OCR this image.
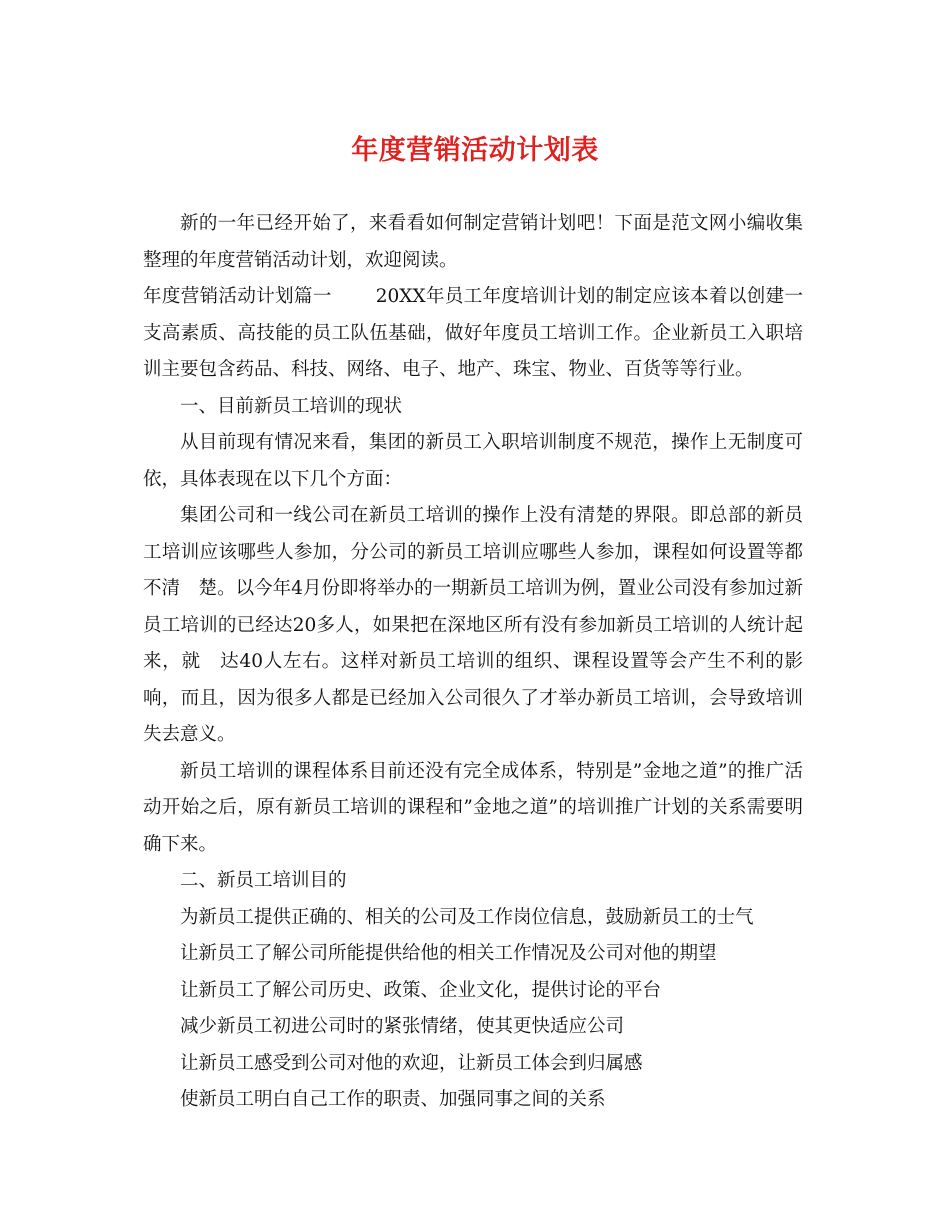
年度营销活动计划表

新的一年已经开始了，来看看如何制定营销计划吧！下面是范文网小编收集整理的年度营销活动计划，欢迎阅读。

年度营销活动计划篇一 20XX年员工年度培训计划的制定应该本着以创建一支高素质、高技能的员工队伍基础，做好年度员工培训工作。企业新员工入职培训主要包含药品、科技、网络、电子、地产、珠宝、物业、百货等等行业。

一、目前新员工培训的现状

从目前现有情况来看，集团的新员工入职培训制度不规范，操作上无制度可依，具体表现在以下几个方面：

集团公司和一线公司在新员工培训的操作上没有清楚的界限。即总部的新员工培训应该哪些人参加，分公司的新员工培训应哪些人参加，课程如何设置等都不清　楚。以今年4月份即将举办的一期新员工培训为例，置业公司没有参加过新员工培训的已经达20多人，如果把在深地区所有没有参加新员工培训的人统计起来，就　达40人左右。这样对新员工培训的组织、课程设置等会产生不利的影响，而且，因为很多人都是已经加入公司很久了才举办新员工培训，会导致培训失去意义。

新员工培训的课程体系目前还没有完全成体系，特别是”金地之道”的推广活动开始之后，原有新员工培训的课程和”金地之道”的培训推广计划的关系需要明确下来。

二、新员工培训目的

为新员工提供正确的、相关的公司及工作岗位信息，鼓励新员工的士气

让新员工了解公司所能提供给他的相关工作情况及公司对他的期望

让新员工了解公司历史、政策、企业文化，提供讨论的平台

减少新员工初进公司时的紧张情绪，使其更快适应公司

让新员工感受到公司对他的欢迎，让新员工体会到归属感

使新员工明白自己工作的职责、加强同事之间的关系
